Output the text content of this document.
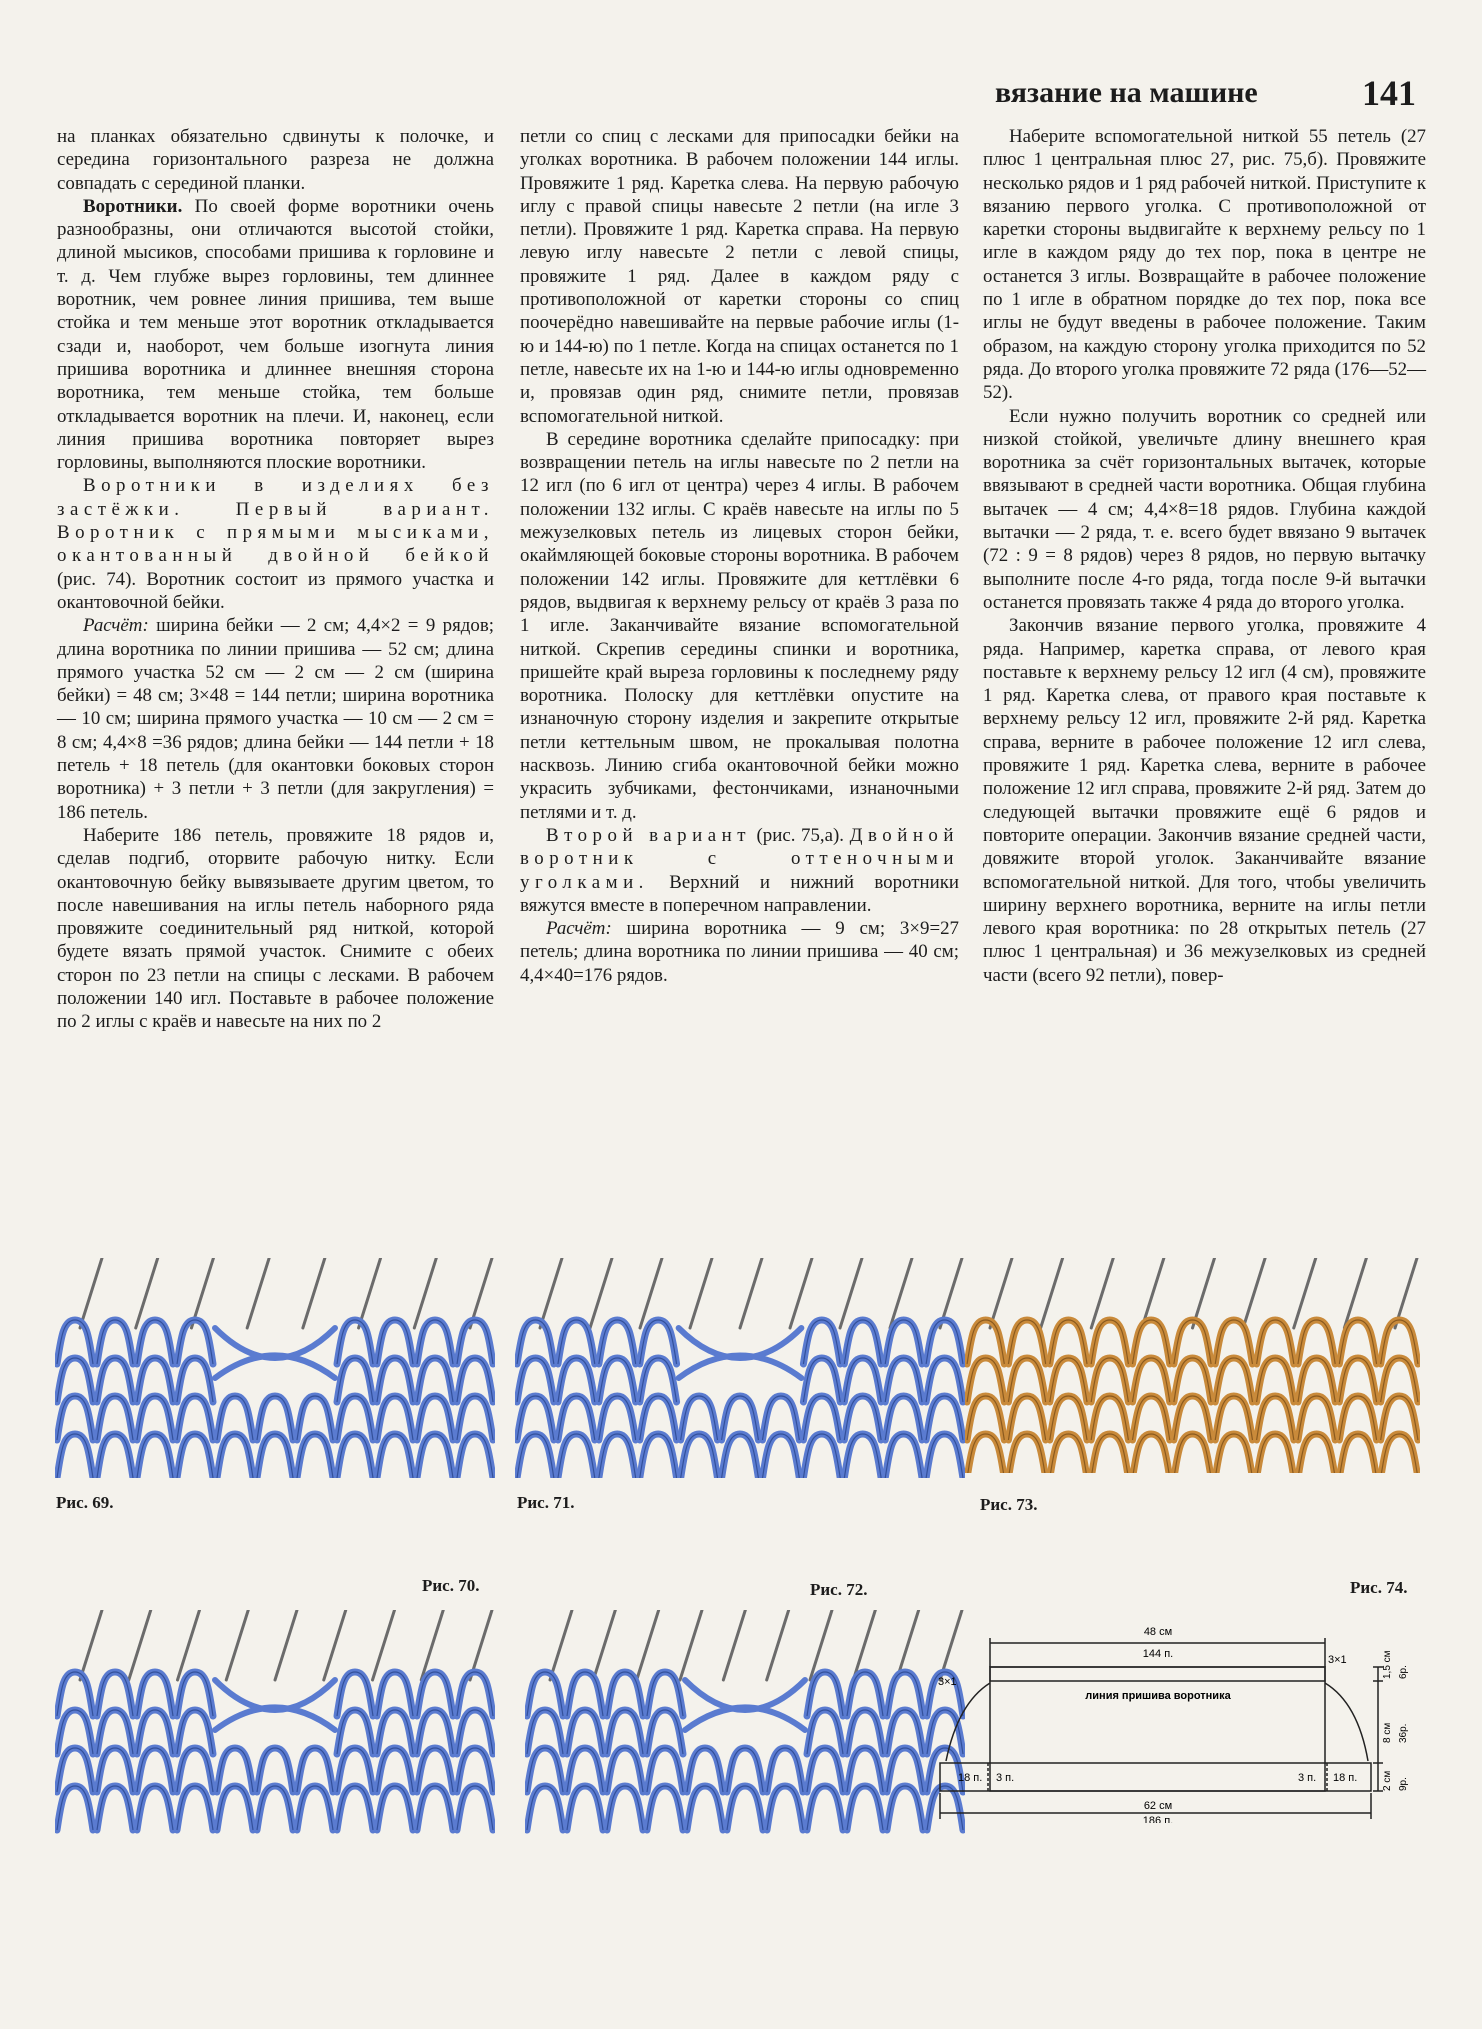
вязание на машине	141

на планках обязательно сдвинуты к полочке, и середина горизонтального разреза не должна совпадать с серединой планки.

Воротники. По своей форме воротники очень разнообразны, они отличаются высотой стойки, длиной мысиков, способами пришива к горловине и т. д. Чем глубже вырез горловины, тем длиннее воротник, чем ровнее линия пришива, тем выше стойка и тем меньше этот воротник откладывается сзади и, наоборот, чем больше изогнута линия пришива воротника и длиннее внешняя сторона воротника, тем меньше стойка, тем больше откладывается воротник на плечи. И, наконец, если линия пришива воротника повторяет вырез горловины, выполняются плоские воротники.

Воротники в изделиях без застёжки. Первый вариант. Воротник с прямыми мысиками, окантованный двойной бейкой (рис. 74). Воротник состоит из прямого участка и окантовочной бейки.

Расчёт: ширина бейки — 2 см; 4,4×2 = 9 рядов; длина воротника по линии пришива — 52 см; длина прямого участка 52 см — 2 см — 2 см (ширина бейки) = 48 см; 3×48 = 144 петли; ширина воротника — 10 см; ширина прямого участка — 10 см — 2 см = 8 см; 4,4×8 =36 рядов; длина бейки — 144 петли + 18 петель + 18 петель (для окантовки боковых сторон воротника) + 3 петли + 3 петли (для закругления) = 186 петель.

Наберите 186 петель, провяжите 18 рядов и, сделав подгиб, оторвите рабочую нитку. Если окантовочную бейку вывязываете другим цветом, то после навешивания на иглы петель наборного ряда провяжите соединительный ряд ниткой, которой будете вязать прямой участок. Снимите с обеих сторон по 23 петли на спицы с лесками. В рабочем положении 140 игл. Поставьте в рабочее положение по 2 иглы с краёв и навесьте на них по 2

петли со спиц с лесками для припосадки бейки на уголках воротника. В рабочем положении 144 иглы. Провяжите 1 ряд. Каретка слева. На первую рабочую иглу с правой спицы навесьте 2 петли (на игле 3 петли). Провяжите 1 ряд. Каретка справа. На первую левую иглу навесьте 2 петли с левой спицы, провяжите 1 ряд. Далее в каждом ряду с противоположной от каретки стороны со спиц поочерёдно навешивайте на первые рабочие иглы (1-ю и 144-ю) по 1 петле. Когда на спицах останется по 1 петле, навесьте их на 1-ю и 144-ю иглы одновременно и, провязав один ряд, снимите петли, провязав вспомогательной ниткой.

В середине воротника сделайте припосадку: при возвращении петель на иглы навесьте по 2 петли на 12 игл (по 6 игл от центра) через 4 иглы. В рабочем положении 132 иглы. С краёв навесьте на иглы по 5 межузелковых петель из лицевых сторон бейки, окаймляющей боковые стороны воротника. В рабочем положении 142 иглы. Провяжите для кеттлёвки 6 рядов, выдвигая к верхнему рельсу от краёв 3 раза по 1 игле. Заканчивайте вязание вспомогательной ниткой. Скрепив середины спинки и воротника, пришейте край выреза горловины к последнему ряду воротника. Полоску для кеттлёвки опустите на изнаночную сторону изделия и закрепите открытые петли кеттельным швом, не прокалывая полотна насквозь. Линию сгиба окантовочной бейки можно украсить зубчиками, фестончиками, изнаночными петлями и т. д.

Второй вариант (рис. 75,а). Двойной воротник с оттеночными уголками. Верхний и нижний воротники вяжутся вместе в поперечном направлении.

Расчёт: ширина воротника — 9 см; 3×9=27 петель; длина воротника по линии пришива — 40 см; 4,4×40=176 рядов.

Наберите вспомогательной ниткой 55 петель (27 плюс 1 центральная плюс 27, рис. 75,б). Провяжите несколько рядов и 1 ряд рабочей ниткой. Приступите к вязанию первого уголка. С противоположной от каретки стороны выдвигайте к верхнему рельсу по 1 игле в каждом ряду до тех пор, пока в центре не останется 3 иглы. Возвращайте в рабочее положение по 1 игле в обратном порядке до тех пор, пока все иглы не будут введены в рабочее положение. Таким образом, на каждую сторону уголка приходится по 52 ряда. До второго уголка провяжите 72 ряда (176—52—52).

Если нужно получить воротник со средней или низкой стойкой, увеличьте длину внешнего края воротника за счёт горизонтальных вытачек, которые ввязывают в средней части воротника. Общая глубина вытачек — 4 см; 4,4×8=18 рядов. Глубина каждой вытачки — 2 ряда, т. е. всего будет ввязано 9 вытачек (72 : 9 = 8 рядов) через 8 рядов, но первую вытачку выполните после 4-го ряда, тогда после 9-й вытачки останется провязать также 4 ряда до второго уголка.

Закончив вязание первого уголка, провяжите 4 ряда. Например, каретка справа, от левого края поставьте к верхнему рельсу 12 игл (4 см), провяжите 1 ряд. Каретка слева, от правого края поставьте к верхнему рельсу 12 игл, провяжите 2-й ряд. Каретка справа, верните в рабочее положение 12 игл слева, провяжите 1 ряд. Каретка слева, верните в рабочее положение 12 игл справа, провяжите 2-й ряд. Затем до следующей вытачки провяжите ещё 6 рядов и повторите операции. Закончив вязание средней части, довяжите второй уголок. Заканчивайте вязание вспомогательной ниткой. Для того, чтобы увеличить ширину верхнего воротника, верните на иглы петли левого края воротника: по 28 открытых петель (27 плюс 1 центральная) и 36 межузелковых из средней части (всего 92 петли), повер-

Рис. 69.	Рис. 71.	Рис. 73.
Рис. 70.	Рис. 72.	Рис. 74.
48 см
144 п.	3×1
3×1
линия пришива воротника
18 п. 3 п.	3 п. 18 п.
62 см
186 п.
1,5 см 6р.
8 см 36р.
2 см 9р.
